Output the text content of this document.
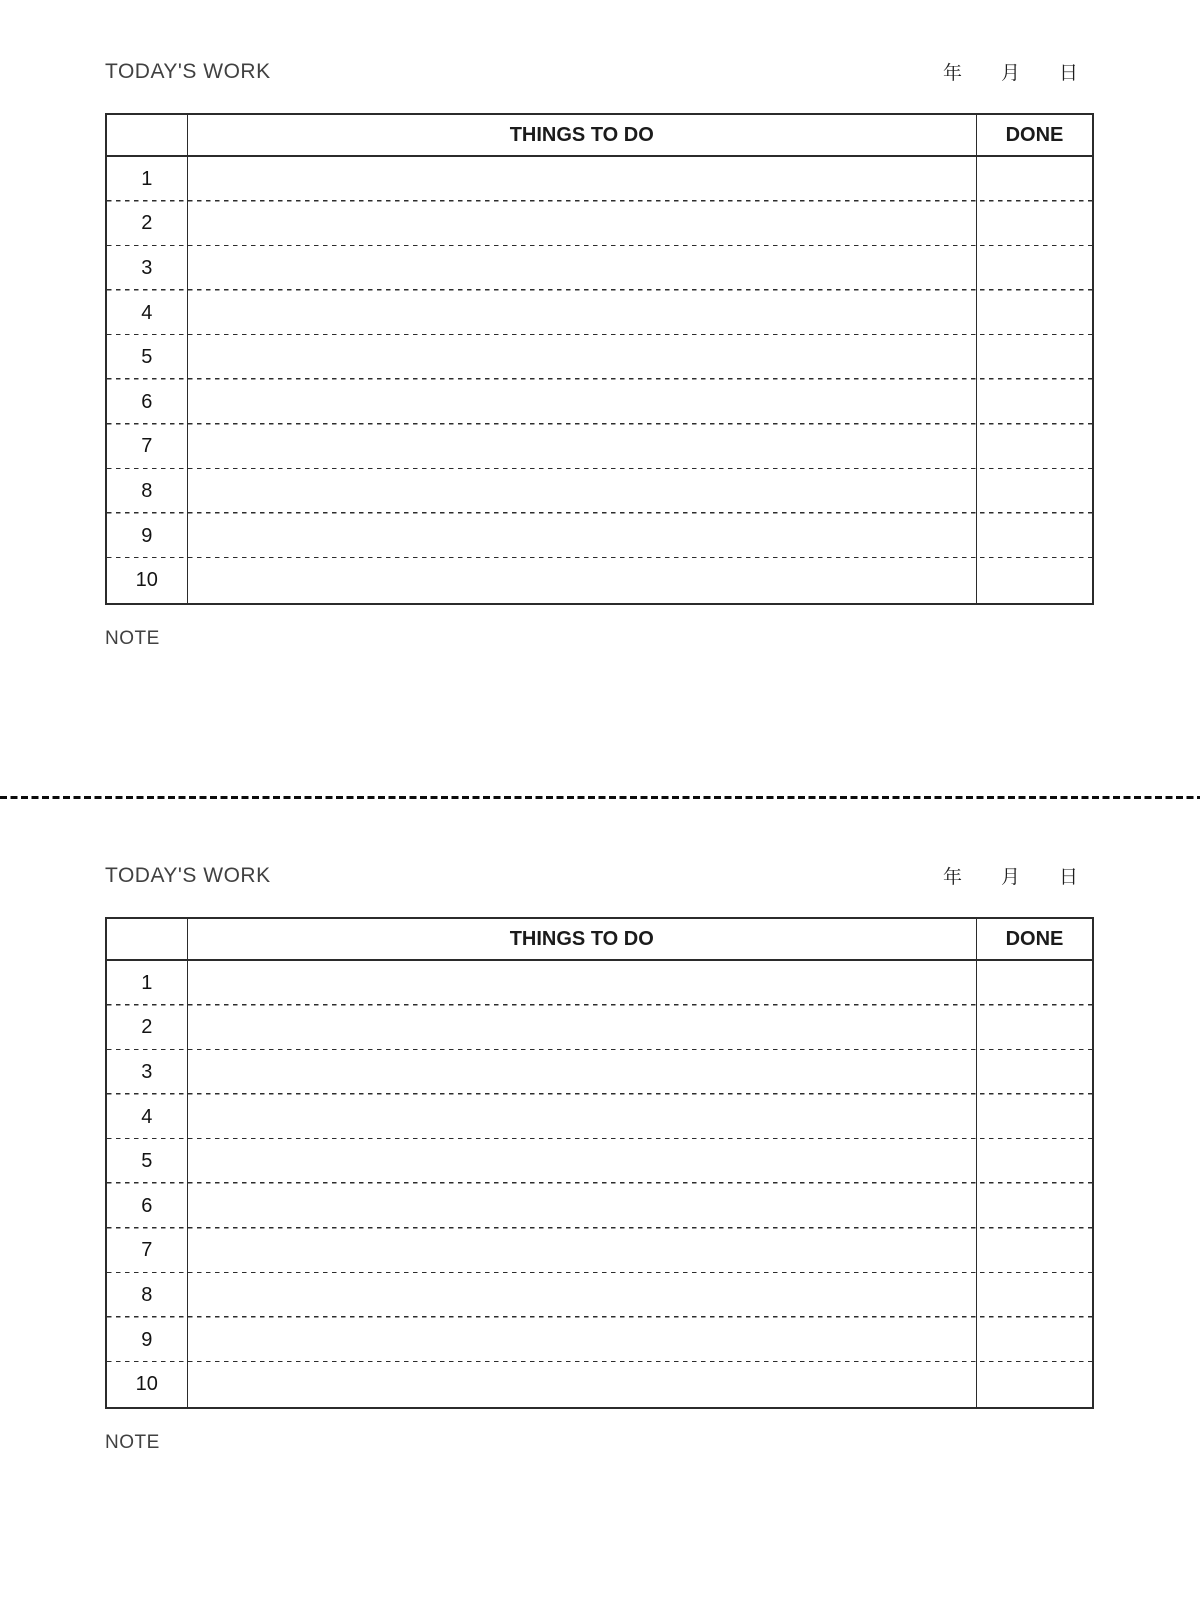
TODAY'S WORK	年 月 日
THINGS TO DO	DONE
1
2
3
4
5
6
7
8
9
10
NOTE
TODAY'S WORK	年 月 日
THINGS TO DO	DONE
1
2
3
4
5
6
7
8
9
10
NOTE
